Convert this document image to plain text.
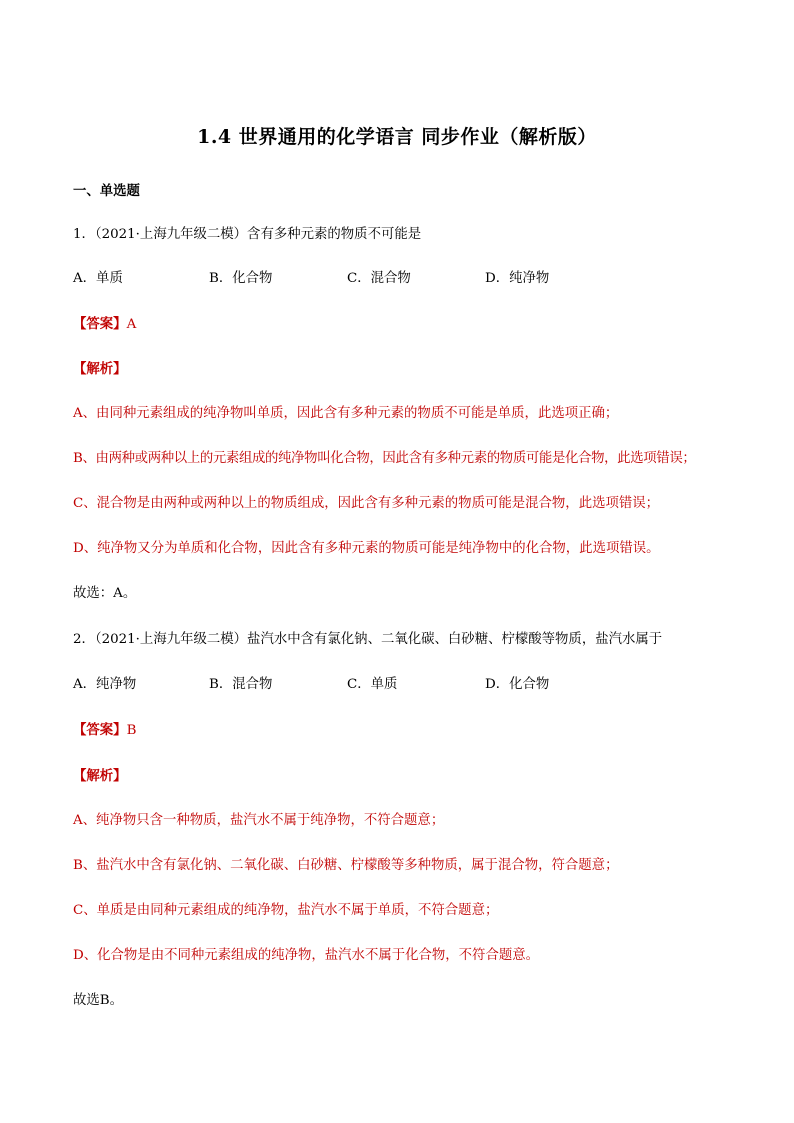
1.4 世界通用的化学语言 同步作业（解析版）
一、单选题
1．（2021·上海九年级二模）含有多种元素的物质不可能是
A．单质	B．化合物	C．混合物	D．纯净物
【答案】A
【解析】
A、由同种元素组成的纯净物叫单质，因此含有多种元素的物质不可能是单质，此选项正确；
B、由两种或两种以上的元素组成的纯净物叫化合物，因此含有多种元素的物质可能是化合物，此选项错误；
C、混合物是由两种或两种以上的物质组成，因此含有多种元素的物质可能是混合物，此选项错误；
D、纯净物又分为单质和化合物，因此含有多种元素的物质可能是纯净物中的化合物，此选项错误。
故选：A。
2．（2021·上海九年级二模）盐汽水中含有氯化钠、二氧化碳、白砂糖、柠檬酸等物质，盐汽水属于
A．纯净物	B．混合物	C．单质	D．化合物
【答案】B
【解析】
A、纯净物只含一种物质，盐汽水不属于纯净物，不符合题意；
B、盐汽水中含有氯化钠、二氧化碳、白砂糖、柠檬酸等多种物质，属于混合物，符合题意；
C、单质是由同种元素组成的纯净物，盐汽水不属于单质，不符合题意；
D、化合物是由不同种元素组成的纯净物，盐汽水不属于化合物，不符合题意。
故选B。
